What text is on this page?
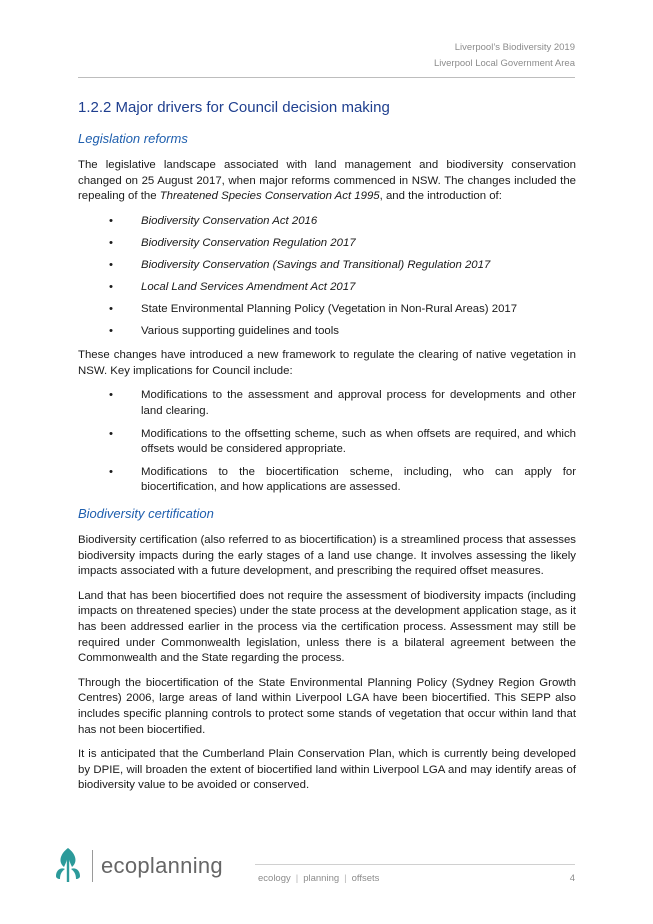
Liverpool’s Biodiversity 2019
Liverpool Local Government Area
1.2.2 Major drivers for Council decision making
Legislation reforms

The legislative landscape associated with land management and biodiversity conservation changed on 25 August 2017, when major reforms commenced in NSW. The changes included the repealing of the Threatened Species Conservation Act 1995, and the introduction of:

• Biodiversity Conservation Act 2016
• Biodiversity Conservation Regulation 2017
• Biodiversity Conservation (Savings and Transitional) Regulation 2017
• Local Land Services Amendment Act 2017
• State Environmental Planning Policy (Vegetation in Non-Rural Areas) 2017
• Various supporting guidelines and tools

These changes have introduced a new framework to regulate the clearing of native vegetation in NSW. Key implications for Council include:

• Modifications to the assessment and approval process for developments and other land clearing.
• Modifications to the offsetting scheme, such as when offsets are required, and which offsets would be considered appropriate.
• Modifications to the biocertification scheme, including, who can apply for biocertification, and how applications are assessed.
Biodiversity certification

Biodiversity certification (also referred to as biocertification) is a streamlined process that assesses biodiversity impacts during the early stages of a land use change. It involves assessing the likely impacts associated with a future development, and prescribing the required offset measures.

Land that has been biocertified does not require the assessment of biodiversity impacts (including impacts on threatened species) under the state process at the development application stage, as it has been addressed earlier in the process via the certification process. Assessment may still be required under Commonwealth legislation, unless there is a bilateral agreement between the Commonwealth and the State regarding the process.

Through the biocertification of the State Environmental Planning Policy (Sydney Region Growth Centres) 2006, large areas of land within Liverpool LGA have been biocertified. This SEPP also includes specific planning controls to protect some stands of vegetation that occur within land that has not been biocertified.

It is anticipated that the Cumberland Plain Conservation Plan, which is currently being developed by DPIE, will broaden the extent of biocertified land within Liverpool LGA and may identify areas of biodiversity value to be avoided or conserved.

ecoplanning
ecology | planning | offsets	4
